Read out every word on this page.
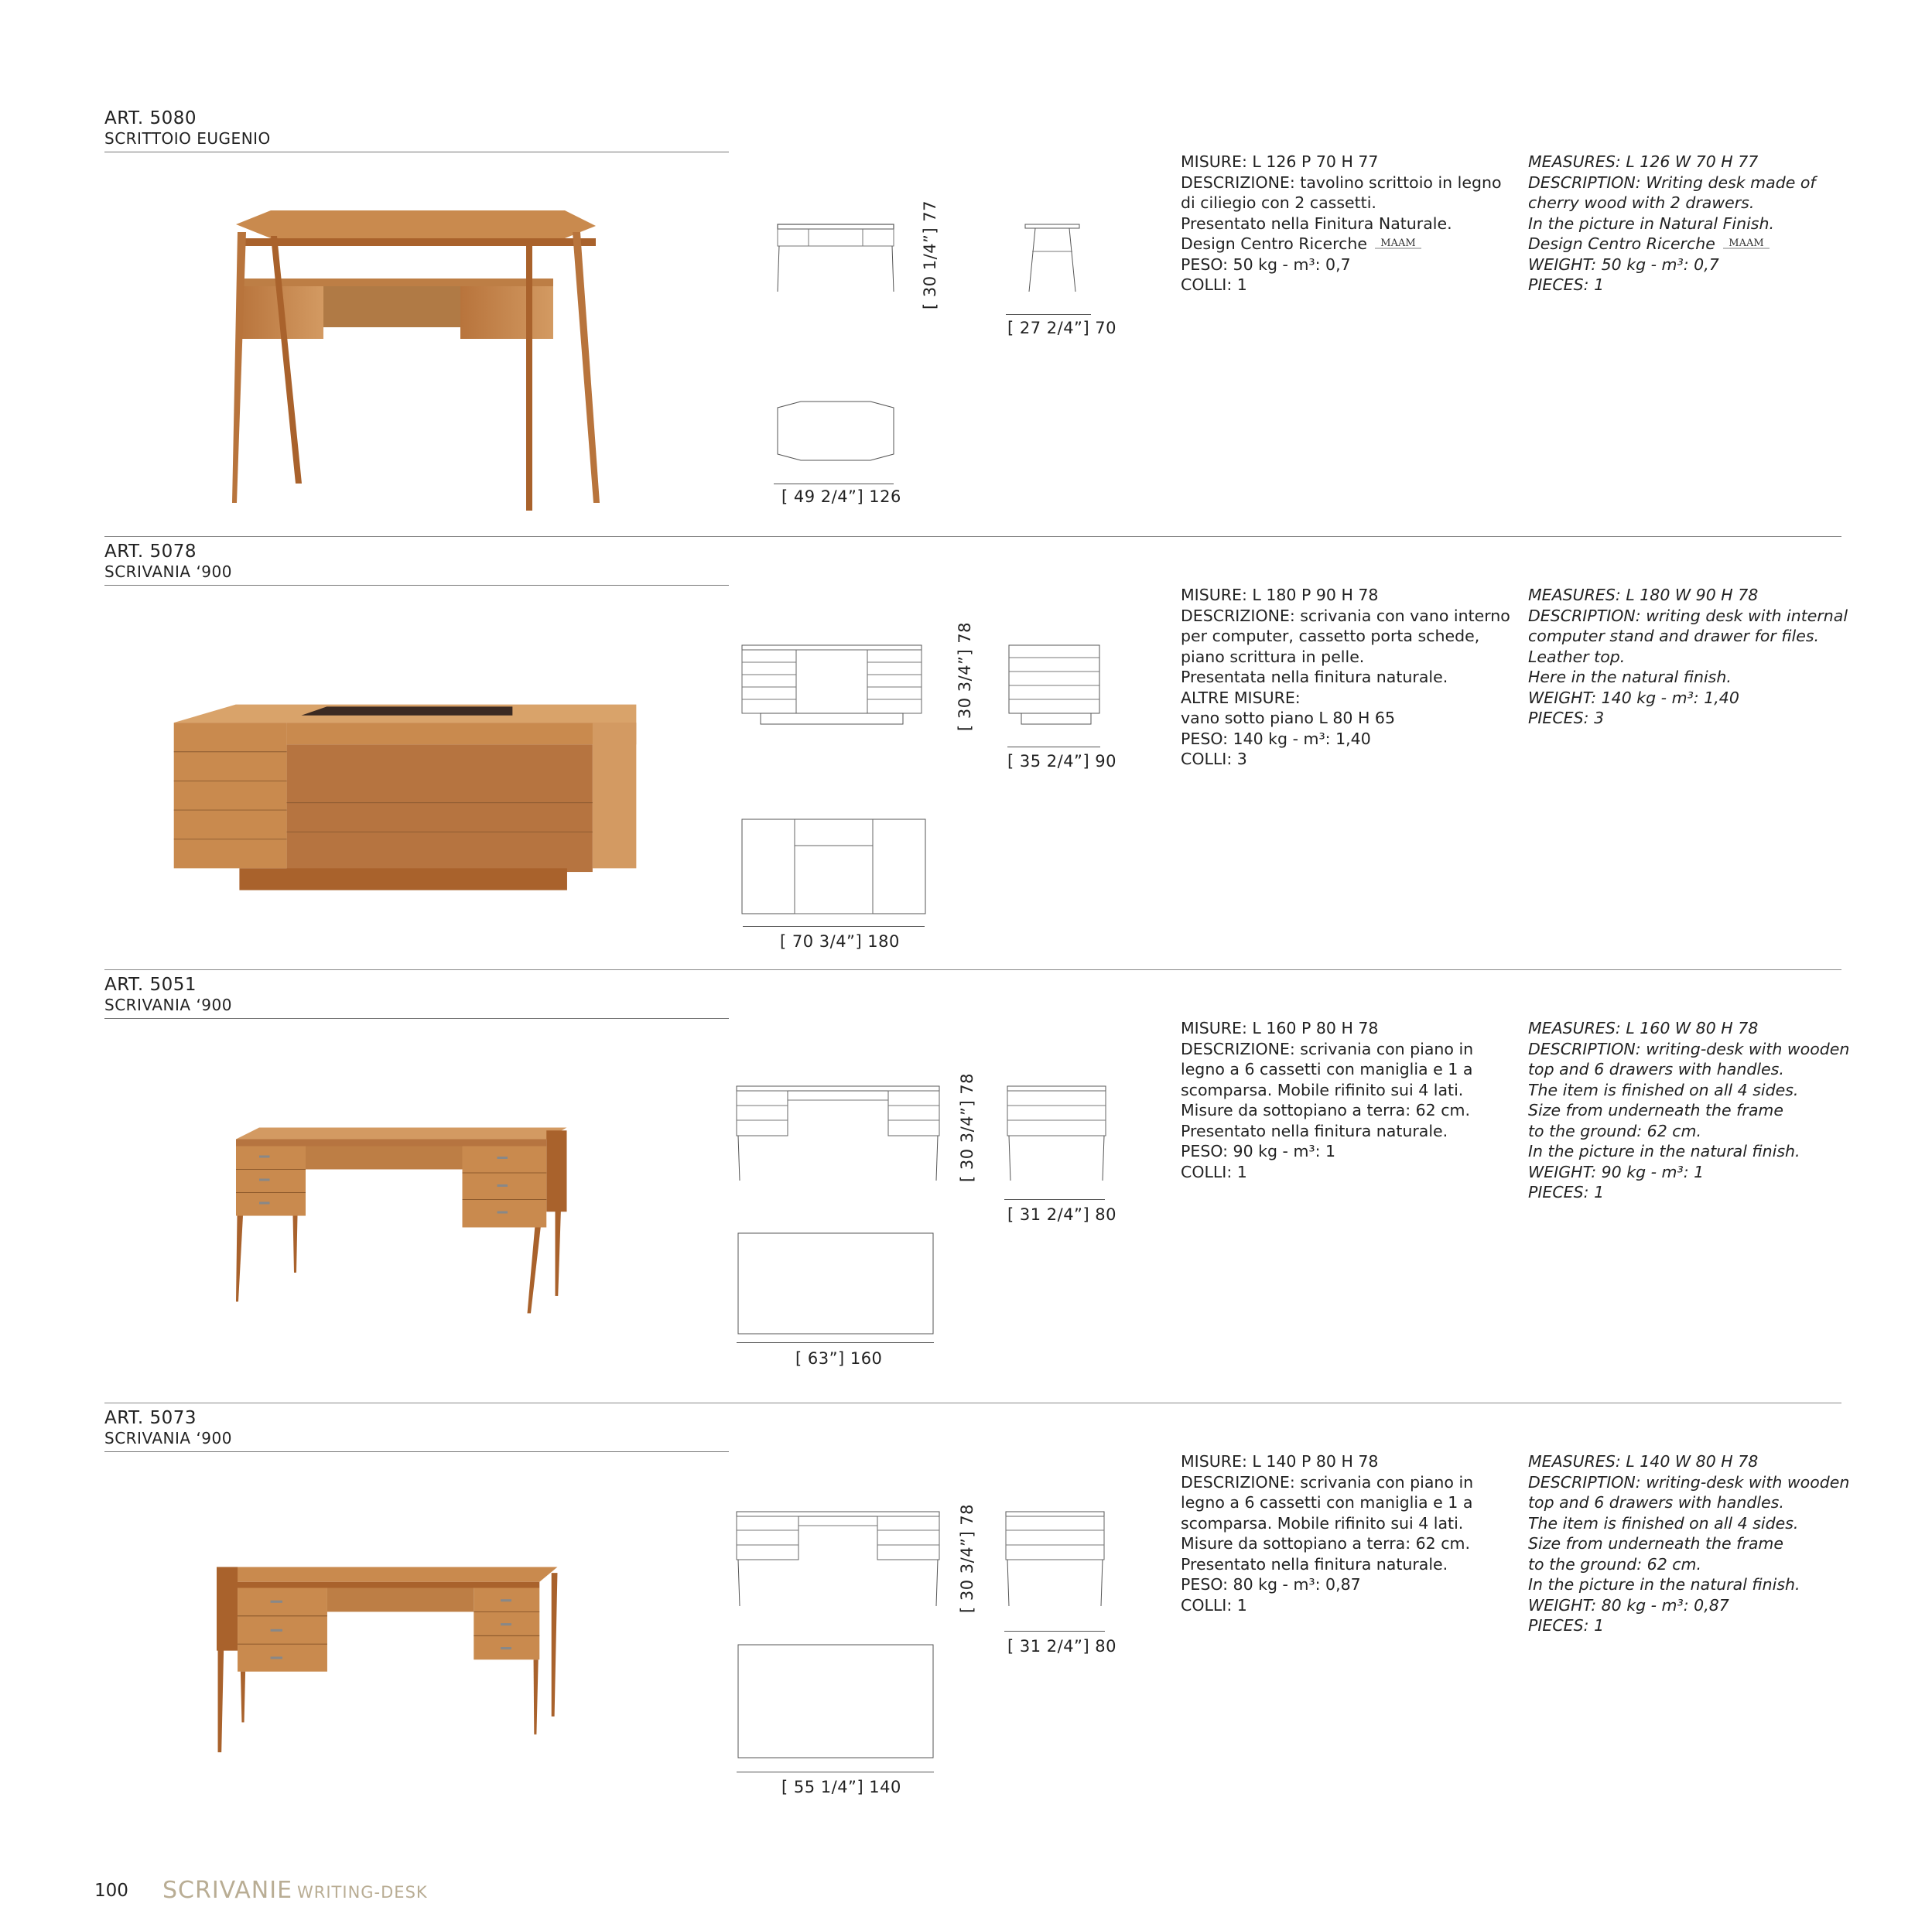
ART. 5080
SCRITTOIO EUGENIO
[ 30 1/4”] 77
[ 27 2/4”] 70
[ 49 2/4”] 126
MISURE: L 126 P 70 H 77
DESCRIZIONE: tavolino scrittoio in legno
di ciliegio con 2 cassetti.
Presentato nella Finitura Naturale.
Design Centro Ricerche MAAM
PESO: 50 kg - m³: 0,7
COLLI: 1
MEASURES: L 126 W 70 H 77
DESCRIPTION: Writing desk made of
cherry wood with 2 drawers.
In the picture in Natural Finish.
Design Centro Ricerche MAAM
WEIGHT: 50 kg - m³: 0,7
PIECES: 1
ART. 5078
SCRIVANIA ‘900
[ 30 3/4”] 78
[ 35 2/4”] 90
[ 70 3/4”] 180
MISURE: L 180 P 90 H 78
DESCRIZIONE: scrivania con vano interno
per computer, cassetto porta schede,
piano scrittura in pelle.
Presentata nella finitura naturale.
ALTRE MISURE:
vano sotto piano L 80 H 65
PESO: 140 kg - m³: 1,40
COLLI: 3
MEASURES: L 180 W 90 H 78
DESCRIPTION: writing desk with internal
computer stand and drawer for files.
Leather top.
Here in the natural finish.
WEIGHT: 140 kg - m³: 1,40
PIECES: 3
ART. 5051
SCRIVANIA ‘900
[ 30 3/4”] 78
[ 31 2/4”] 80
[ 63”] 160
MISURE: L 160 P 80 H 78
DESCRIZIONE: scrivania con piano in
legno a 6 cassetti con maniglia e 1 a
scomparsa. Mobile rifinito sui 4 lati.
Misure da sottopiano a terra: 62 cm.
Presentato nella finitura naturale.
PESO: 90 kg - m³: 1
COLLI: 1
MEASURES: L 160 W 80 H 78
DESCRIPTION: writing-desk with wooden
top and 6 drawers with handles.
The item is finished on all 4 sides.
Size from underneath the frame
to the ground: 62 cm.
In the picture in the natural finish.
WEIGHT: 90 kg - m³: 1
PIECES: 1
ART. 5073
SCRIVANIA ‘900
[ 30 3/4”] 78
[ 31 2/4”] 80
[ 55 1/4”] 140
MISURE: L 140 P 80 H 78
DESCRIZIONE: scrivania con piano in
legno a 6 cassetti con maniglia e 1 a
scomparsa. Mobile rifinito sui 4 lati.
Misure da sottopiano a terra: 62 cm.
Presentato nella finitura naturale.
PESO: 80 kg - m³: 0,87
COLLI: 1
MEASURES: L 140 W 80 H 78
DESCRIPTION: writing-desk with wooden
top and 6 drawers with handles.
The item is finished on all 4 sides.
Size from underneath the frame
to the ground: 62 cm.
In the picture in the natural finish.
WEIGHT: 80 kg - m³: 0,87
PIECES: 1
100 SCRIVANIE WRITING-DESK
